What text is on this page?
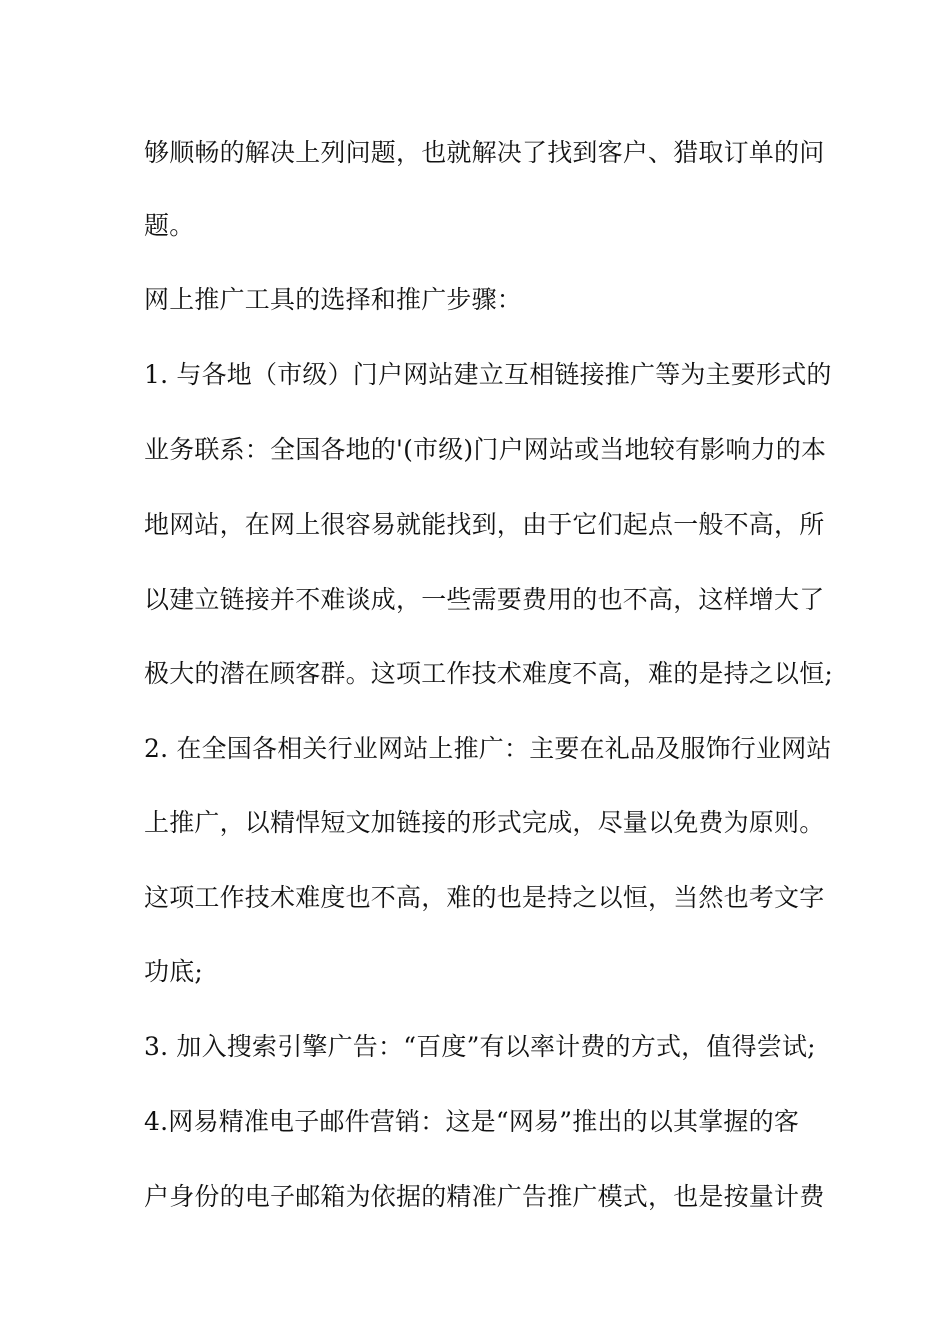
够顺畅的解决上列问题，也就解决了找到客户、猎取订单的问
题。
网上推广工具的选择和推广步骤：
1. 与各地（市级）门户网站建立互相链接推广等为主要形式的
业务联系：全国各地的'(市级)门户网站或当地较有影响力的本
地网站，在网上很容易就能找到，由于它们起点一般不高，所
以建立链接并不难谈成，一些需要费用的也不高，这样增大了
极大的潜在顾客群。这项工作技术难度不高，难的是持之以恒;
2. 在全国各相关行业网站上推广：主要在礼品及服饰行业网站
上推广，以精悍短文加链接的形式完成，尽量以免费为原则。
这项工作技术难度也不高，难的也是持之以恒，当然也考文字
功底;
3. 加入搜索引擎广告：“百度”有以率计费的方式，值得尝试;
4.网易精准电子邮件营销：这是“网易”推出的以其掌握的客
户身份的电子邮箱为依据的精准广告推广模式，也是按量计费
